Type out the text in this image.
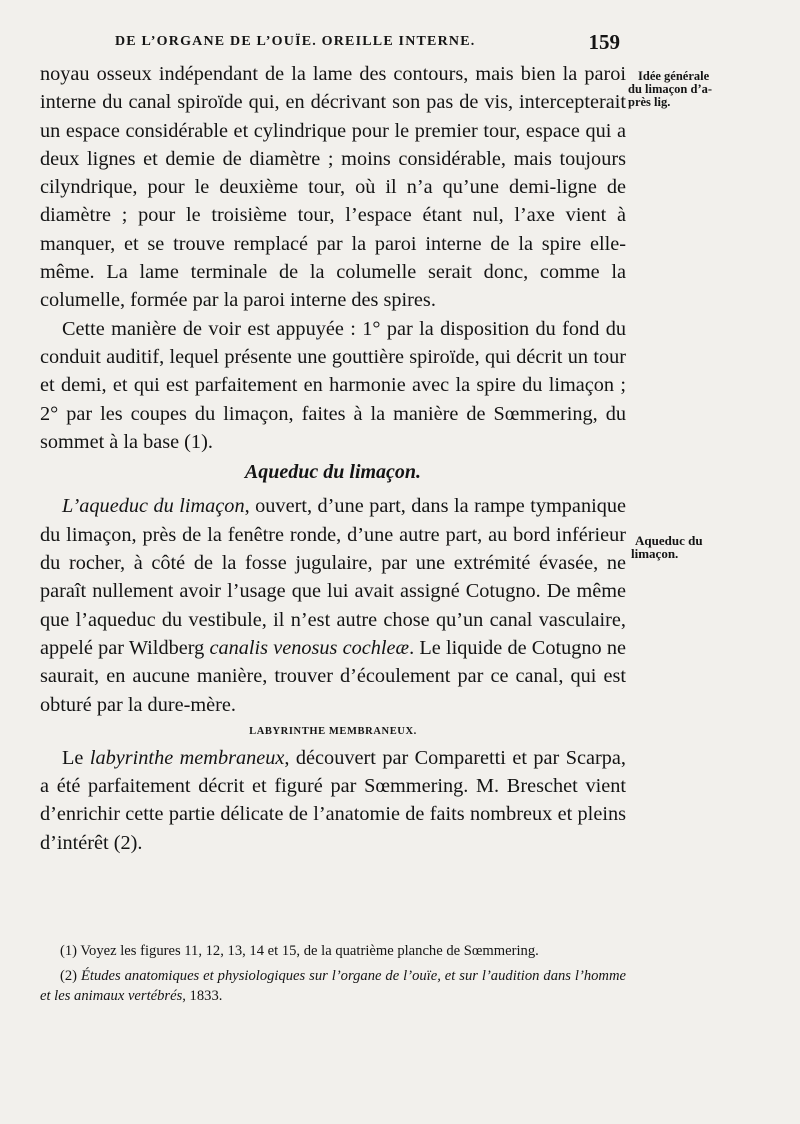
DE L’ORGANE DE L’OUÏE. OREILLE INTERNE.	159

noyau osseux indépendant de la lame des contours, mais bien la paroi interne du canal spiroïde qui, en décrivant son pas de vis, intercepterait un espace considérable et cylindrique pour le premier tour, espace qui a deux lignes et demie de diamètre ; moins considérable, mais toujours cilyndrique, pour le deuxième tour, où il n’a qu’une demi-ligne de diamètre ; pour le troisième tour, l’espace étant nul, l’axe vient à manquer, et se trouve remplacé par la paroi interne de la spire elle-même. La lame terminale de la columelle serait donc, comme la columelle, formée par la paroi interne des spires.

Cette manière de voir est appuyée : 1° par la disposition du fond du conduit auditif, lequel présente une gouttière spiroïde, qui décrit un tour et demi, et qui est parfaitement en harmonie avec la spire du limaçon ; 2° par les coupes du limaçon, faites à la manière de Sœmmering, du sommet à la base (1).

Aqueduc du limaçon.

L’aqueduc du limaçon, ouvert, d’une part, dans la rampe tympanique du limaçon, près de la fenêtre ronde, d’une autre part, au bord inférieur du rocher, à côté de la fosse jugulaire, par une extrémité évasée, ne paraît nullement avoir l’usage que lui avait assigné Cotugno. De même que l’aqueduc du vestibule, il n’est autre chose qu’un canal vasculaire, appelé par Wildberg canalis venosus cochleæ. Le liquide de Cotugno ne saurait, en aucune manière, trouver d’écoulement par ce canal, qui est obturé par la dure-mère.

LABYRINTHE MEMBRANEUX.

Le labyrinthe membraneux, découvert par Comparetti et par Scarpa, a été parfaitement décrit et figuré par Sœmmering. M. Breschet vient d’enrichir cette partie délicate de l’anatomie de faits nombreux et pleins d’intérêt (2).

Idée générale
du limaçon d’a-
près lig.
Aqueduc du
limaçon.

(1) Voyez les figures 11, 12, 13, 14 et 15, de la quatrième planche de Sœmmering.

(2) Études anatomiques et physiologiques sur l’organe de l’ouïe, et sur l’audition dans l’homme et les animaux vertébrés, 1833.
